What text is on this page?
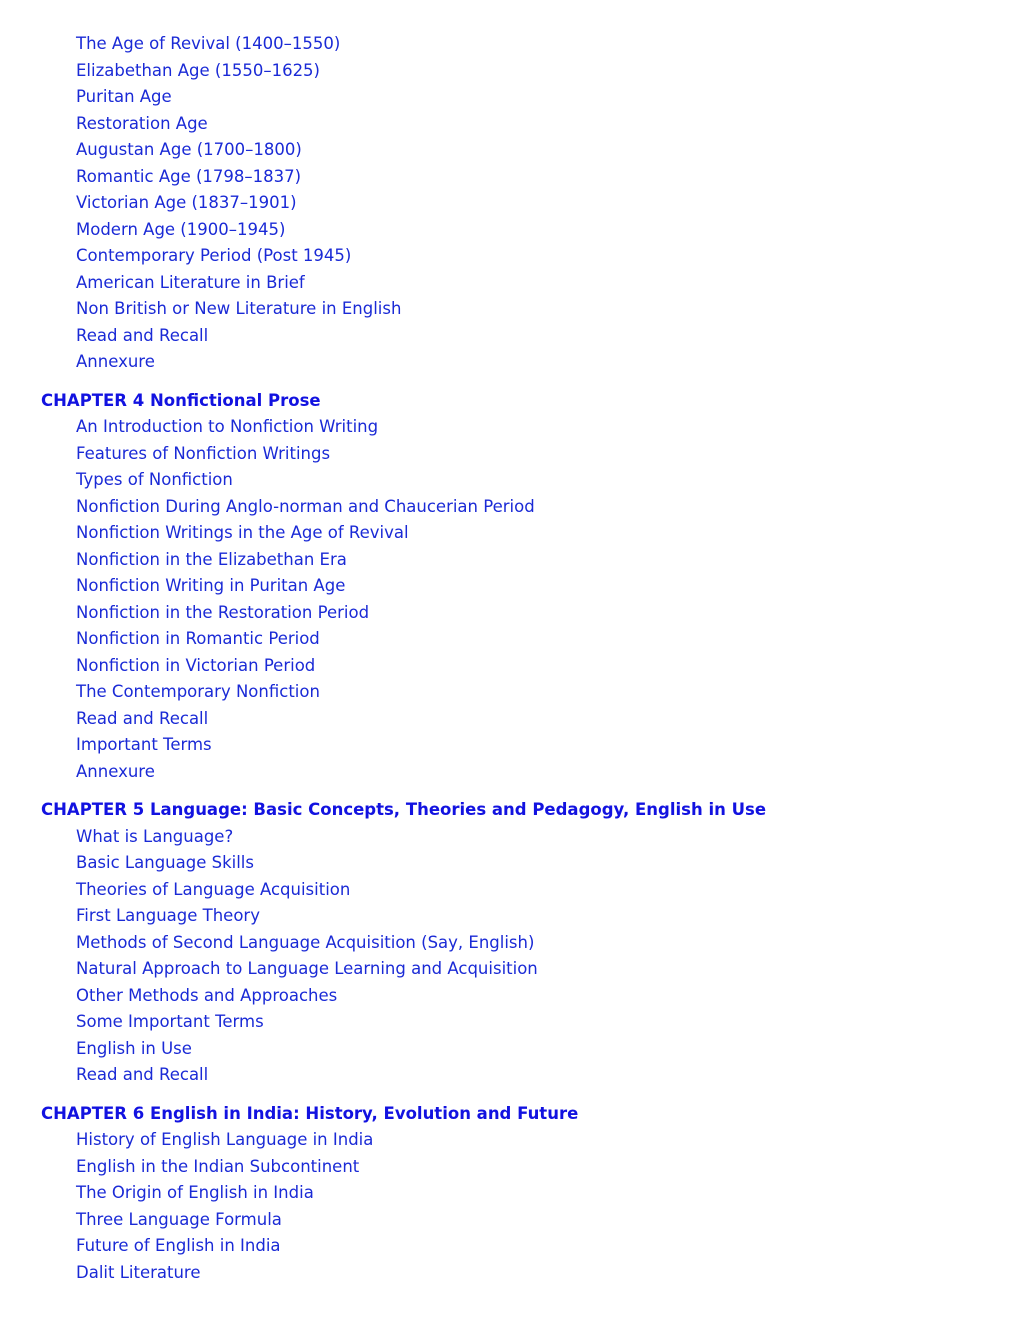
The Age of Revival (1400–1550)
Elizabethan Age (1550–1625)
Puritan Age
Restoration Age
Augustan Age (1700–1800)
Romantic Age (1798–1837)
Victorian Age (1837–1901)
Modern Age (1900–1945)
Contemporary Period (Post 1945)
American Literature in Brief
Non British or New Literature in English
Read and Recall
Annexure
CHAPTER 4 Nonfictional Prose
An Introduction to Nonfiction Writing
Features of Nonfiction Writings
Types of Nonfiction
Nonfiction During Anglo-norman and Chaucerian Period
Nonfiction Writings in the Age of Revival
Nonfiction in the Elizabethan Era
Nonfiction Writing in Puritan Age
Nonfiction in the Restoration Period
Nonfiction in Romantic Period
Nonfiction in Victorian Period
The Contemporary Nonfiction
Read and Recall
Important Terms
Annexure
CHAPTER 5 Language: Basic Concepts, Theories and Pedagogy, English in Use
What is Language?
Basic Language Skills
Theories of Language Acquisition
First Language Theory
Methods of Second Language Acquisition (Say, English)
Natural Approach to Language Learning and Acquisition
Other Methods and Approaches
Some Important Terms
English in Use
Read and Recall
CHAPTER 6 English in India: History, Evolution and Future
History of English Language in India
English in the Indian Subcontinent
The Origin of English in India
Three Language Formula
Future of English in India
Dalit Literature
